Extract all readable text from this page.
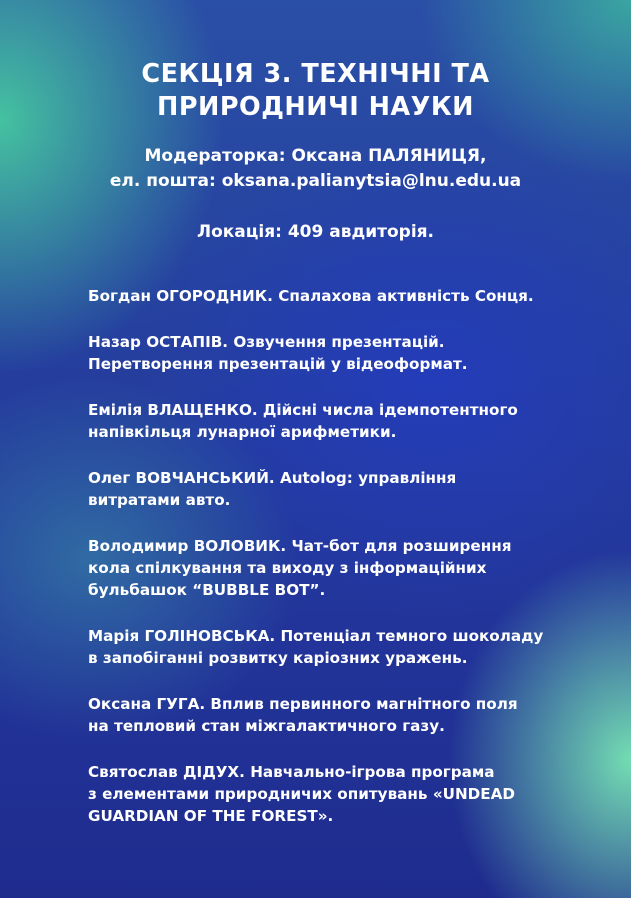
СЕКЦІЯ 3. ТЕХНІЧНІ ТА
ПРИРОДНИЧІ НАУКИ
Модераторка: Оксана ПАЛЯНИЦЯ,
ел. пошта: oksana.palianytsia@lnu.edu.ua
Локація: 409 авдиторія.
Богдан ОГОРОДНИК. Спалахова активність Сонця.
Назар ОСТАПІВ. Озвучення презентацій.
Перетворення презентацій у відеоформат.
Емілія ВЛАЩЕНКО. Дійсні числа ідемпотентного
напівкільця лунарної арифметики.
Олег ВОВЧАНСЬКИЙ. Autolog: управління
витратами авто.
Володимир ВОЛОВИК. Чат-бот для розширення
кола спілкування та виходу з інформаційних
бульбашок “BUBBLE BOT”.
Марія ГОЛІНОВСЬКА. Потенціал темного шоколаду
в запобіганні розвитку каріозних уражень.
Оксана ГУГА. Вплив первинного магнітного поля
на тепловий стан міжгалактичного газу.
Святослав ДІДУХ. Навчально-ігрова програма
з елементами природничих опитувань «UNDEAD
GUARDIAN OF THE FOREST».
